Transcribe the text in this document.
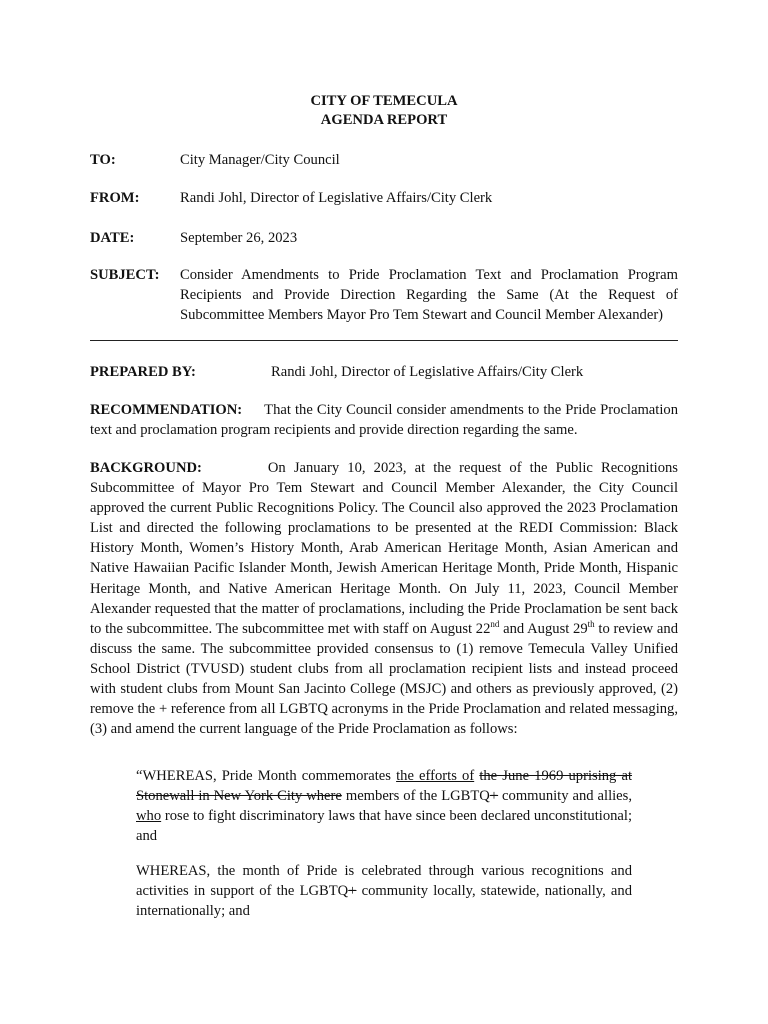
CITY OF TEMECULA
AGENDA REPORT
TO:	City Manager/City Council
FROM:	Randi Johl, Director of Legislative Affairs/City Clerk
DATE:	September 26, 2023
SUBJECT: Consider Amendments to Pride Proclamation Text and Proclamation Program Recipients and Provide Direction Regarding the Same (At the Request of Subcommittee Members Mayor Pro Tem Stewart and Council Member Alexander)
PREPARED BY:	Randi Johl, Director of Legislative Affairs/City Clerk
RECOMMENDATION: That the City Council consider amendments to the Pride Proclamation text and proclamation program recipients and provide direction regarding the same.
BACKGROUND:	On January 10, 2023, at the request of the Public Recognitions Subcommittee of Mayor Pro Tem Stewart and Council Member Alexander, the City Council approved the current Public Recognitions Policy. The Council also approved the 2023 Proclamation List and directed the following proclamations to be presented at the REDI Commission: Black History Month, Women’s History Month, Arab American Heritage Month, Asian American and Native Hawaiian Pacific Islander Month, Jewish American Heritage Month, Pride Month, Hispanic Heritage Month, and Native American Heritage Month. On July 11, 2023, Council Member Alexander requested that the matter of proclamations, including the Pride Proclamation be sent back to the subcommittee. The subcommittee met with staff on August 22nd and August 29th to review and discuss the same. The subcommittee provided consensus to (1) remove Temecula Valley Unified School District (TVUSD) student clubs from all proclamation recipient lists and instead proceed with student clubs from Mount San Jacinto College (MSJC) and others as previously approved, (2) remove the + reference from all LGBTQ acronyms in the Pride Proclamation and related messaging, (3) and amend the current language of the Pride Proclamation as follows:
“WHEREAS, Pride Month commemorates the efforts of the June 1969 uprising at Stonewall in New York City where members of the LGBTQ+ community and allies, who rose to fight discriminatory laws that have since been declared unconstitutional; and
WHEREAS, the month of Pride is celebrated through various recognitions and activities in support of the LGBTQ+ community locally, statewide, nationally, and internationally; and
